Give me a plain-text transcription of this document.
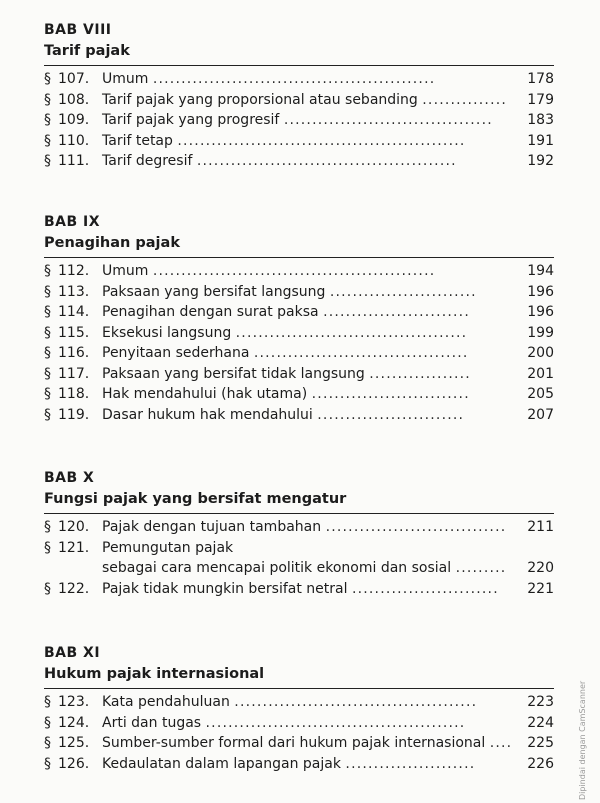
BAB VIII
Tarif pajak
§ 107. Umum ..................................................	178
§ 108. Tarif pajak yang proporsional atau sebanding ............... 179
§ 109. Tarif pajak yang progresif ..................................... 183
§ 110. Tarif tetap ...................................................	191
§ 111. Tarif degresif ..............................................	192
BAB IX
Penagihan pajak
§ 112. Umum ..................................................	194
§ 113. Paksaan yang bersifat langsung ..........................	196
§ 114. Penagihan dengan surat paksa ..........................	196
§ 115. Eksekusi langsung .........................................	199
§ 116. Penyitaan sederhana ......................................	200
§ 117. Paksaan yang bersifat tidak langsung ..................	201
§ 118. Hak mendahului (hak utama) ............................	205
§ 119. Dasar hukum hak mendahului ..........................	207
BAB X
Fungsi pajak yang bersifat mengatur
§ 120. Pajak dengan tujuan tambahan ................................ 211
§ 121. Pemungutan pajak
sebagai cara mencapai politik ekonomi dan sosial ......... 220
§ 122. Pajak tidak mungkin bersifat netral .......................... 221
BAB XI
Hukum pajak internasional
§ 123. Kata pendahuluan ...........................................	223
§ 124. Arti dan tugas ..............................................	224
§ 125. Sumber-sumber formal dari hukum pajak internasional .... 225
§ 126. Kedaulatan dalam lapangan pajak .......................	226	Dipindai dengan CamScanner
